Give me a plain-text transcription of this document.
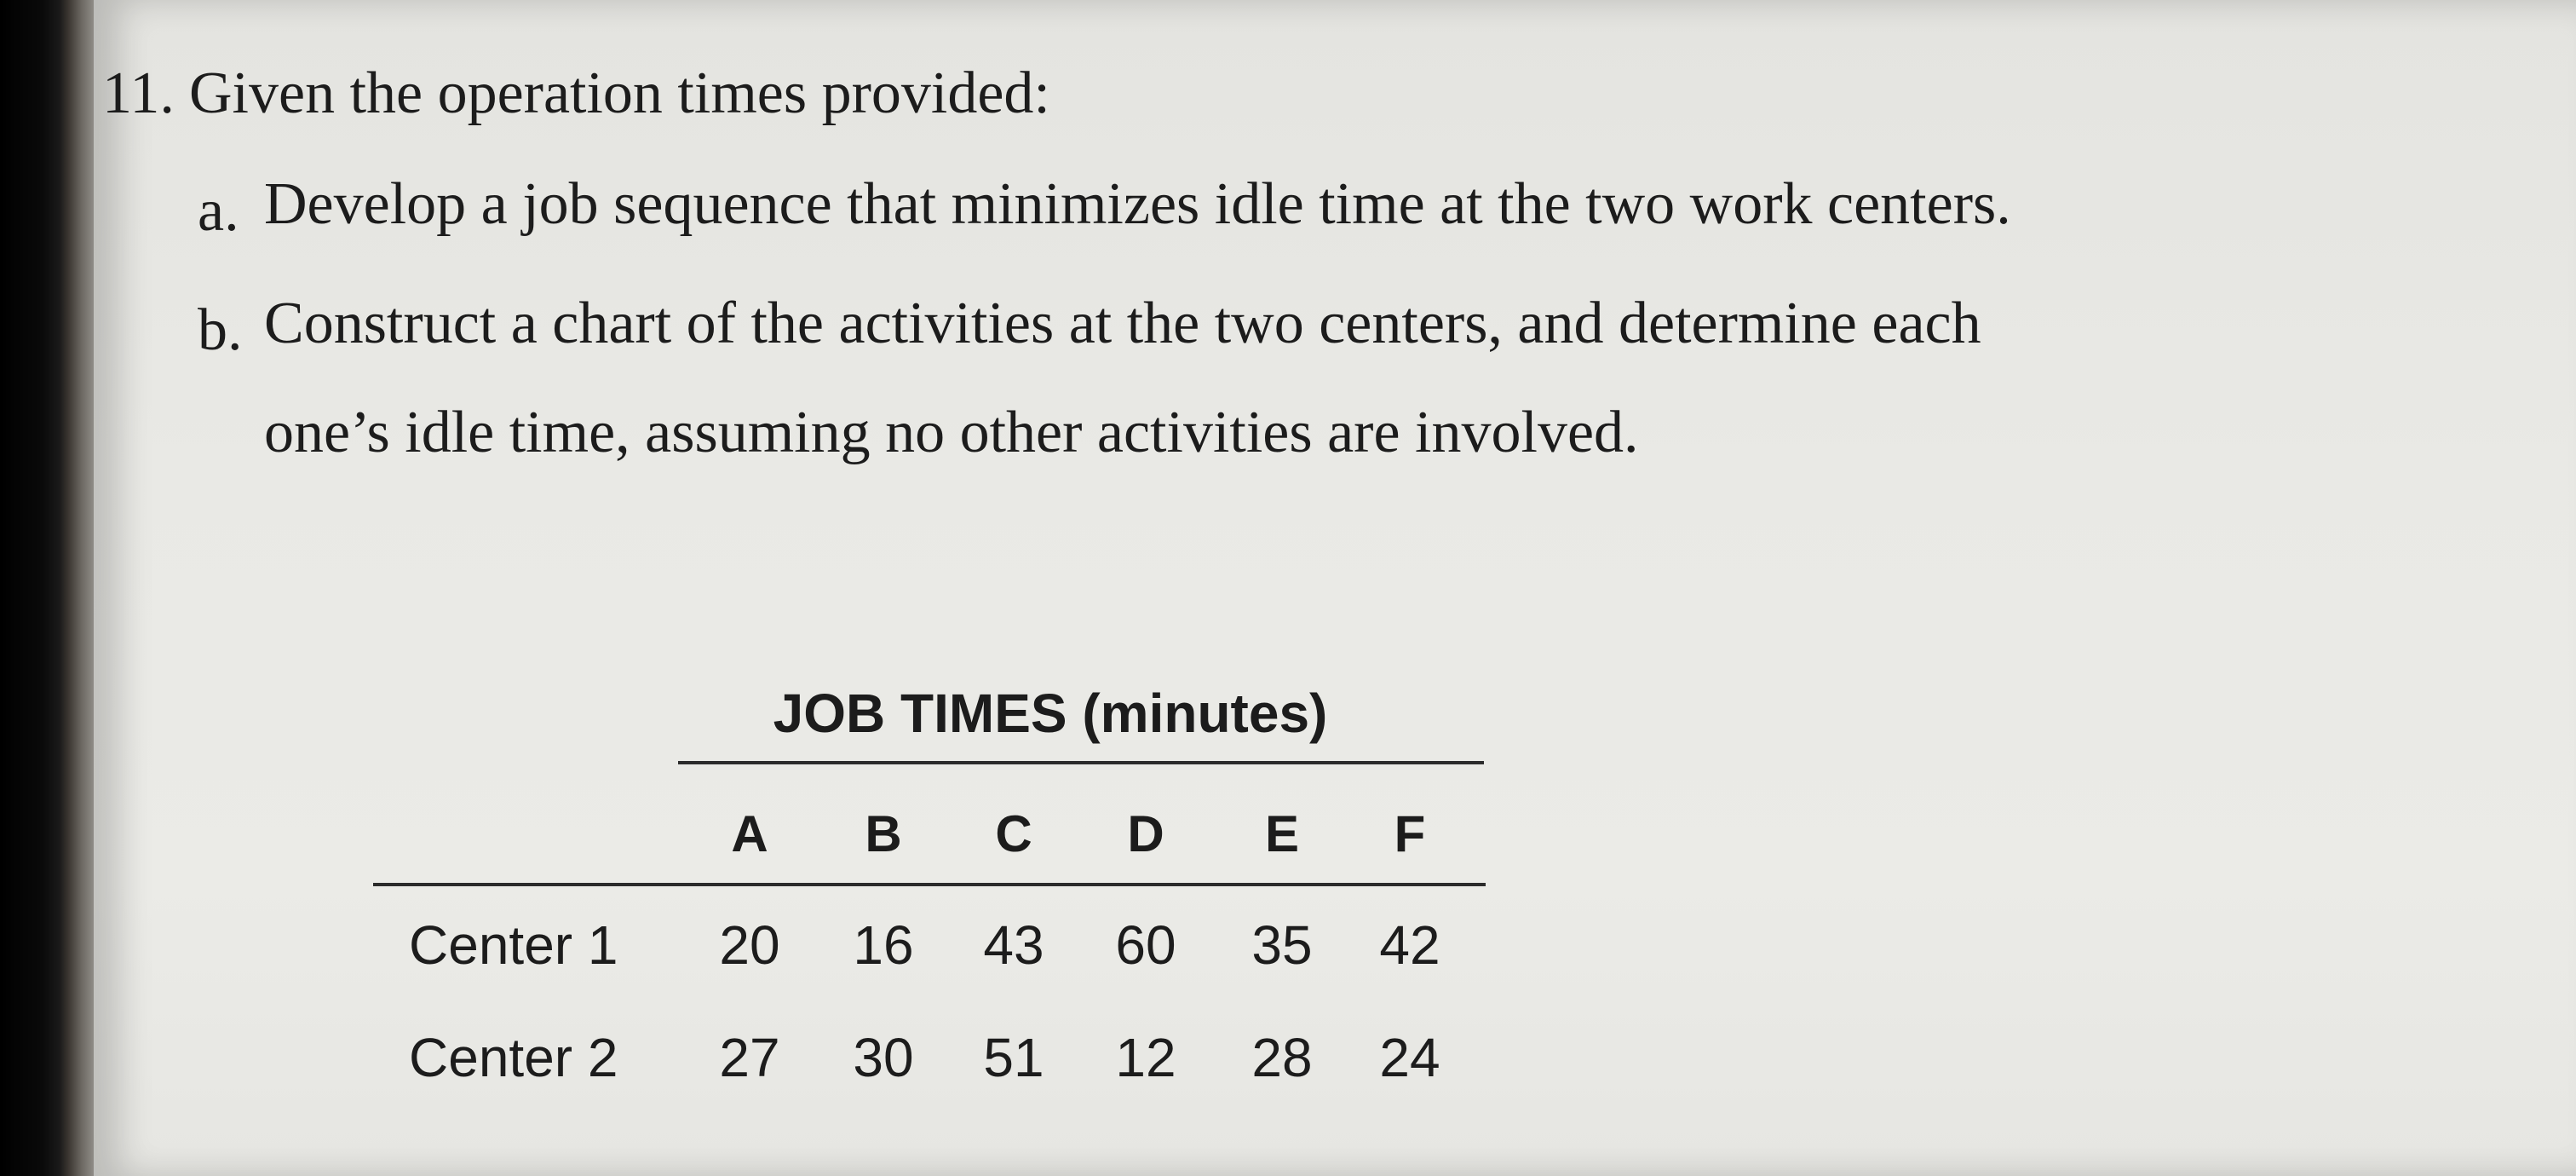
11. Given the operation times provided:
a. Develop a job sequence that minimizes idle time at the two work centers.
b. Construct a chart of the activities at the two centers, and determine each
one’s idle time, assuming no other activities are involved.
JOB TIMES (minutes)
A	B	C	D	E	F
Center 1	20	16	43	60	35	42
Center 2	27	30	51	12	28	24
